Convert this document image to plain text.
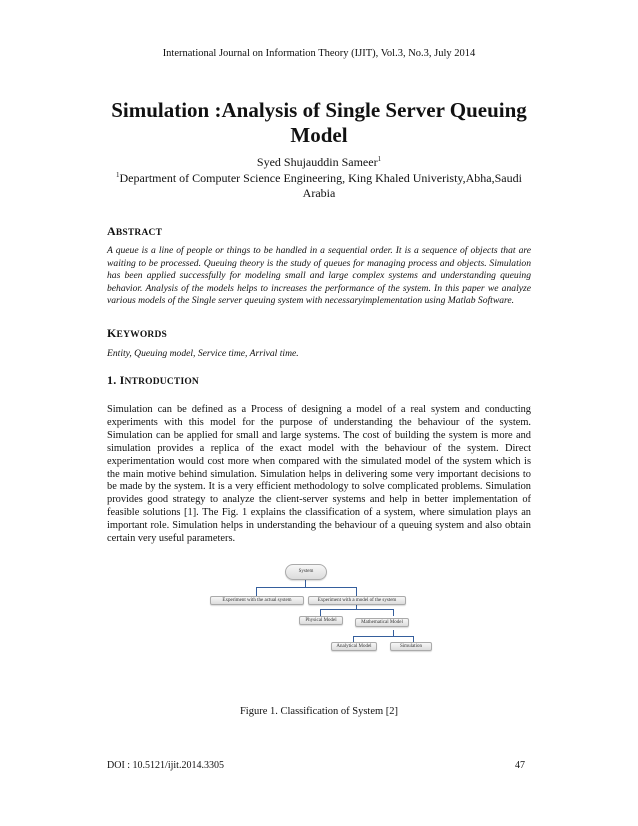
International Journal on Information Theory (IJIT), Vol.3, No.3, July 2014
Simulation :Analysis of Single Server Queuing Model
Syed Shujauddin Sameer$^1$
$^1$Department of Computer Science Engineering, King Khaled Univeristy,Abha,Saudi Arabia
ABSTRACT
A queue is a line of people or things to be handled in a sequential order. It is a sequence of objects that are waiting to be processed. Queuing theory is the study of queues for managing process and objects. Simulation has been applied successfully for modeling small and large complex systems and understanding queuing behavior. Analysis of the models helps to increases the performance of the system. In this paper we analyze various models of the Single server queuing system with necessaryimplementation using Matlab Software.
KEYWORDS
Entity, Queuing model, Service time, Arrival time.
1. INTRODUCTION
Simulation can be defined as a Process of designing a model of a real system and conducting experiments with this model for the purpose of understanding the behaviour of the system. Simulation can be applied for small and large systems. The cost of building the system is more and simulation provides a replica of the exact model with the behaviour of the system. Direct experimentation would cost more when compared with the simulated model of the system which is the main motive behind simulation. Simulation helps in delivering some very important decisions to be made by the system. It is a very efficient methodology to solve complicated problems. Simulation provides good strategy to analyze the client-server systems and help in better implementation of feasible solutions [1]. The Fig. 1 explains the classification of a system, where simulation plays an important role. Simulation helps in understanding the behaviour of a queuing system and also obtain certain very useful parameters.
System
Experiment with the actual system	Experiment with a model of the system
Physical Model	Mathematical Model
Analytical Model	Simulation
Figure 1. Classification of System [2]
DOI : 10.5121/ijit.2014.3305	47
